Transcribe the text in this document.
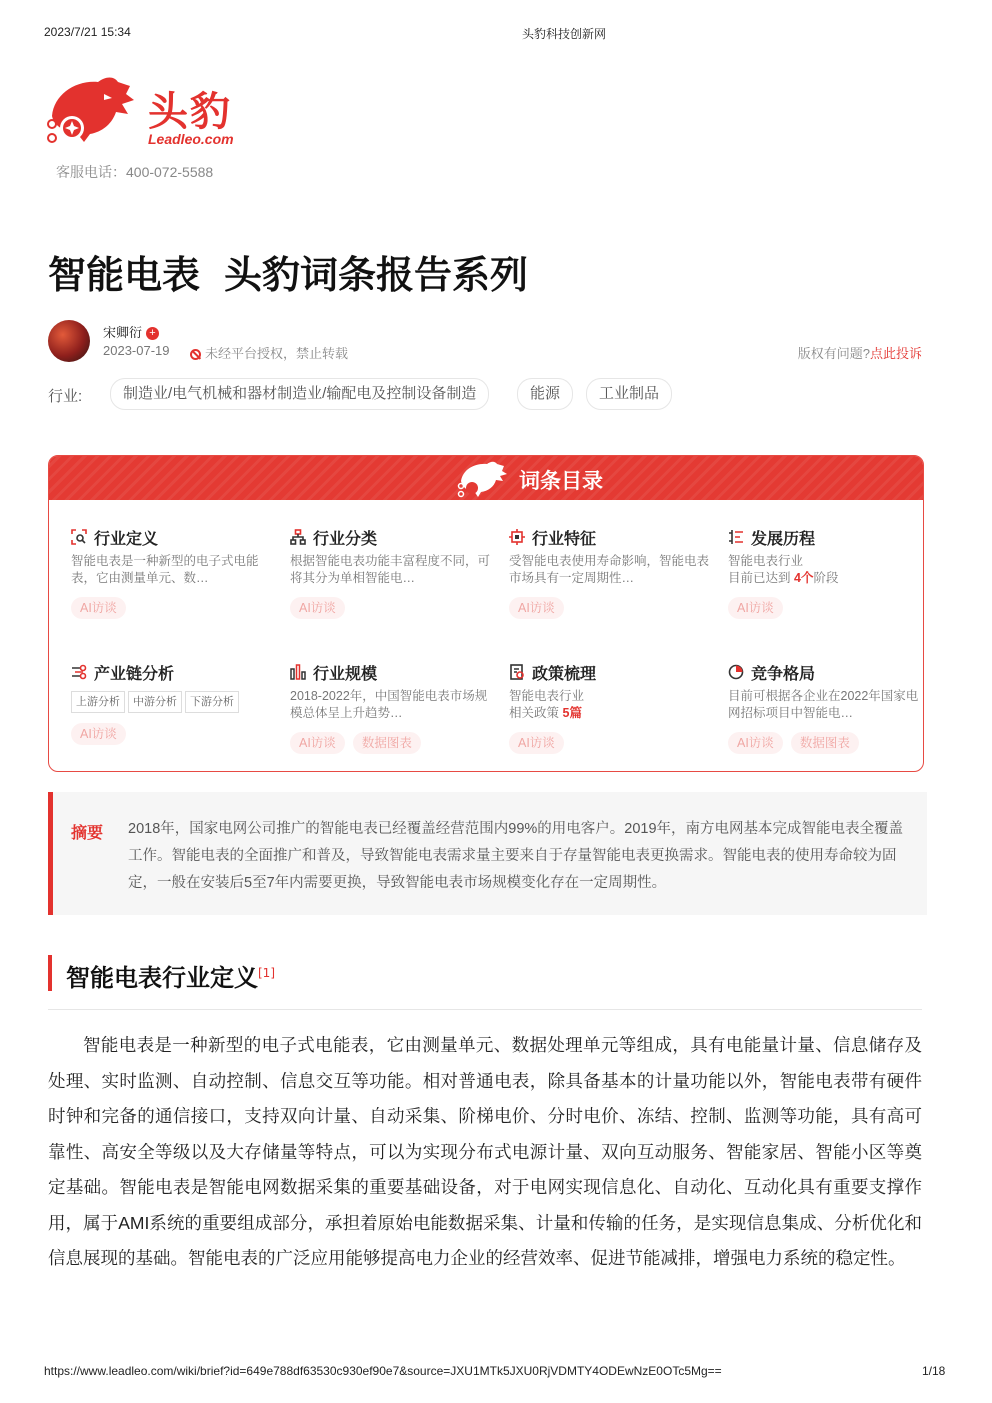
2023/7/21 15:34	头豹科技创新网
头豹
Leadleo.com
客服电话：400-072-5588
智能电表 头豹词条报告系列
宋卿衍 +
2023-07-19	未经平台授权，禁止转载	版权有问题?点此投诉
行业:	制造业/电气机械和器材制造业/输配电及控制设备制造	能源	工业制品
词条目录
行业定义
智能电表是一种新型的电子式电能表，它由测量单元、数…
AI访谈
行业分类
根据智能电表功能丰富程度不同，可将其分为单相智能电…
AI访谈
行业特征
受智能电表使用寿命影响，智能电表市场具有一定周期性…
AI访谈
发展历程
智能电表行业
目前已达到 4个阶段
AI访谈
产业链分析
上游分析 中游分析 下游分析
AI访谈
行业规模
2018-2022年，中国智能电表市场规模总体呈上升趋势…
AI访谈 数据图表
政策梳理
智能电表行业
相关政策 5篇
AI访谈
竞争格局
目前可根据各企业在2022年国家电网招标项目中智能电…
AI访谈 数据图表
摘要 2018年，国家电网公司推广的智能电表已经覆盖经营范围内99%的用电客户。2019年，南方电网基本完成智能电表全覆盖工作。智能电表的全面推广和普及，导致智能电表需求量主要来自于存量智能电表更换需求。智能电表的使用寿命较为固定，一般在安装后5至7年内需要更换，导致智能电表市场规模变化存在一定周期性。
智能电表行业定义[1]
智能电表是一种新型的电子式电能表，它由测量单元、数据处理单元等组成，具有电能量计量、信息储存及处理、实时监测、自动控制、信息交互等功能。相对普通电表，除具备基本的计量功能以外，智能电表带有硬件时钟和完备的通信接口，支持双向计量、自动采集、阶梯电价、分时电价、冻结、控制、监测等功能，具有高可靠性、高安全等级以及大存储量等特点，可以为实现分布式电源计量、双向互动服务、智能家居、智能小区等奠定基础。智能电表是智能电网数据采集的重要基础设备，对于电网实现信息化、自动化、互动化具有重要支撑作用，属于AMI系统的重要组成部分，承担着原始电能数据采集、计量和传输的任务，是实现信息集成、分析优化和信息展现的基础。智能电表的广泛应用能够提高电力企业的经营效率、促进节能减排，增强电力系统的稳定性。
https://www.leadleo.com/wiki/brief?id=649e788df63530c930ef90e7&source=JXU1MTk5JXU0RjVDMTY4ODEwNzE0OTc5Mg==	1/18
